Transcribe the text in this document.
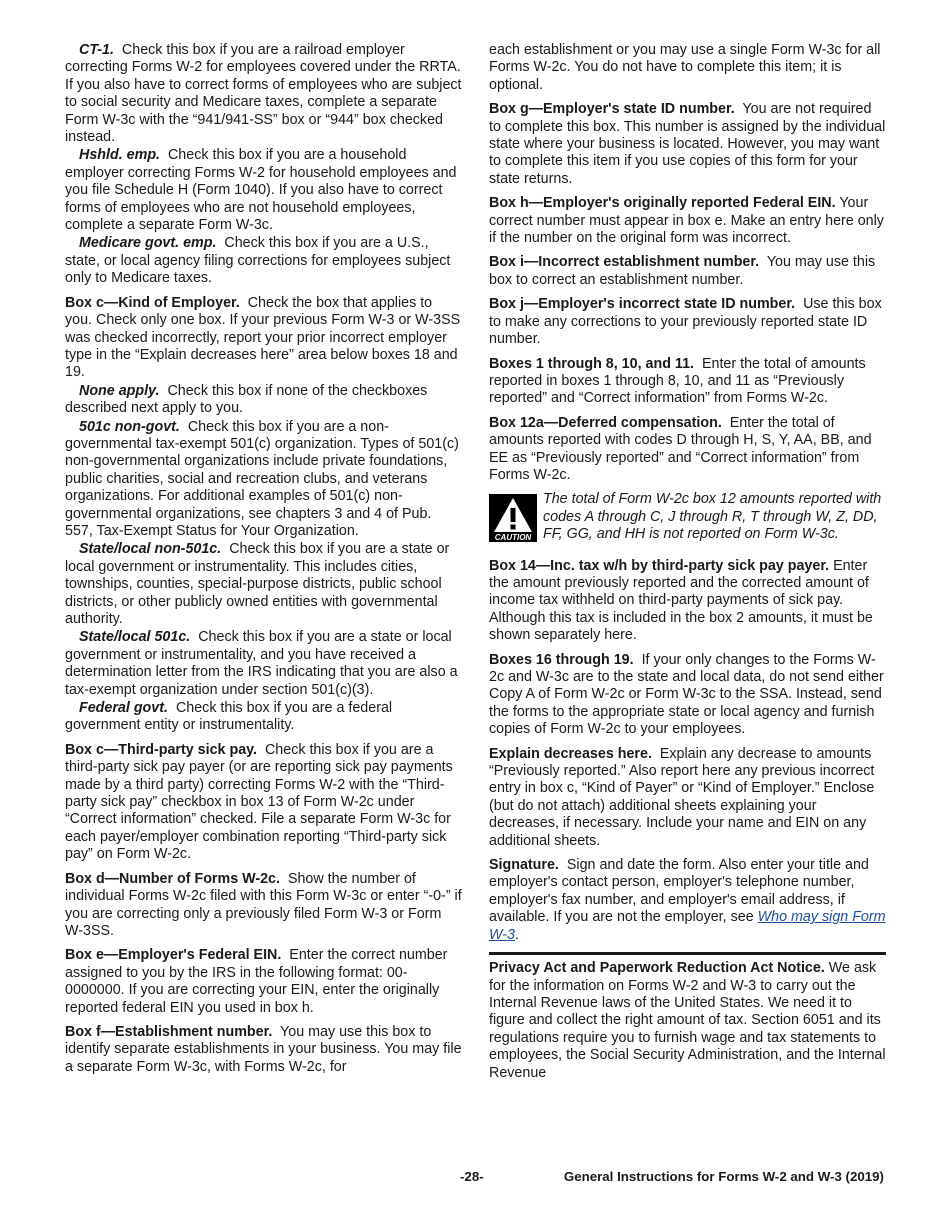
CT-1. Check this box if you are a railroad employer correcting Forms W-2 for employees covered under the RRTA. If you also have to correct forms of employees who are subject to social security and Medicare taxes, complete a separate Form W-3c with the “941/941-SS” box or “944” box checked instead.

Hshld. emp. Check this box if you are a household employer correcting Forms W-2 for household employees and you file Schedule H (Form 1040). If you also have to correct forms of employees who are not household employees, complete a separate Form W-3c.

Medicare govt. emp. Check this box if you are a U.S., state, or local agency filing corrections for employees subject only to Medicare taxes.

Box c—Kind of Employer. Check the box that applies to you. Check only one box. If your previous Form W-3 or W-3SS was checked incorrectly, report your prior incorrect employer type in the “Explain decreases here” area below boxes 18 and 19.

None apply. Check this box if none of the checkboxes described next apply to you.

501c non-govt. Check this box if you are a non-governmental tax-exempt 501(c) organization. Types of 501(c) non-governmental organizations include private foundations, public charities, social and recreation clubs, and veterans organizations. For additional examples of 501(c) non-governmental organizations, see chapters 3 and 4 of Pub. 557, Tax-Exempt Status for Your Organization.

State/local non-501c. Check this box if you are a state or local government or instrumentality. This includes cities, townships, counties, special-purpose districts, public school districts, or other publicly owned entities with governmental authority.

State/local 501c. Check this box if you are a state or local government or instrumentality, and you have received a determination letter from the IRS indicating that you are also a tax-exempt organization under section 501(c)(3).

Federal govt. Check this box if you are a federal government entity or instrumentality.

Box c—Third-party sick pay. Check this box if you are a third-party sick pay payer (or are reporting sick pay payments made by a third party) correcting Forms W-2 with the “Third-party sick pay” checkbox in box 13 of Form W-2c under “Correct information” checked. File a separate Form W-3c for each payer/employer combination reporting “Third-party sick pay” on Form W-2c.

Box d—Number of Forms W-2c. Show the number of individual Forms W-2c filed with this Form W-3c or enter “-0-” if you are correcting only a previously filed Form W-3 or Form W-3SS.

Box e—Employer's Federal EIN. Enter the correct number assigned to you by the IRS in the following format: 00-0000000. If you are correcting your EIN, enter the originally reported federal EIN you used in box h.

Box f—Establishment number. You may use this box to identify separate establishments in your business. You may file a separate Form W-3c, with Forms W-2c, for

each establishment or you may use a single Form W-3c for all Forms W-2c. You do not have to complete this item; it is optional.

Box g—Employer's state ID number. You are not required to complete this box. This number is assigned by the individual state where your business is located. However, you may want to complete this item if you use copies of this form for your state returns.

Box h—Employer's originally reported Federal EIN. Your correct number must appear in box e. Make an entry here only if the number on the original form was incorrect.

Box i—Incorrect establishment number. You may use this box to correct an establishment number.

Box j—Employer's incorrect state ID number. Use this box to make any corrections to your previously reported state ID number.

Boxes 1 through 8, 10, and 11. Enter the total of amounts reported in boxes 1 through 8, 10, and 11 as “Previously reported” and “Correct information” from Forms W-2c.

Box 12a—Deferred compensation. Enter the total of amounts reported with codes D through H, S, Y, AA, BB, and EE as “Previously reported” and “Correct information” from Forms W-2c.

CAUTION
The total of Form W-2c box 12 amounts reported with codes A through C, J through R, T through W, Z, DD, FF, GG, and HH is not reported on Form W-3c.

Box 14—Inc. tax w/h by third-party sick pay payer. Enter the amount previously reported and the corrected amount of income tax withheld on third-party payments of sick pay. Although this tax is included in the box 2 amounts, it must be shown separately here.

Boxes 16 through 19. If your only changes to the Forms W-2c and W-3c are to the state and local data, do not send either Copy A of Form W-2c or Form W-3c to the SSA. Instead, send the forms to the appropriate state or local agency and furnish copies of Form W-2c to your employees.

Explain decreases here. Explain any decrease to amounts “Previously reported.” Also report here any previous incorrect entry in box c, “Kind of Payer” or “Kind of Employer.” Enclose (but do not attach) additional sheets explaining your decreases, if necessary. Include your name and EIN on any additional sheets.

Signature. Sign and date the form. Also enter your title and employer's contact person, employer's telephone number, employer's fax number, and employer's email address, if available. If you are not the employer, see Who may sign Form W-3.

Privacy Act and Paperwork Reduction Act Notice. We ask for the information on Forms W-2 and W-3 to carry out the Internal Revenue laws of the United States. We need it to figure and collect the right amount of tax. Section 6051 and its regulations require you to furnish wage and tax statements to employees, the Social Security Administration, and the Internal Revenue

-28-	General Instructions for Forms W-2 and W-3 (2019)
